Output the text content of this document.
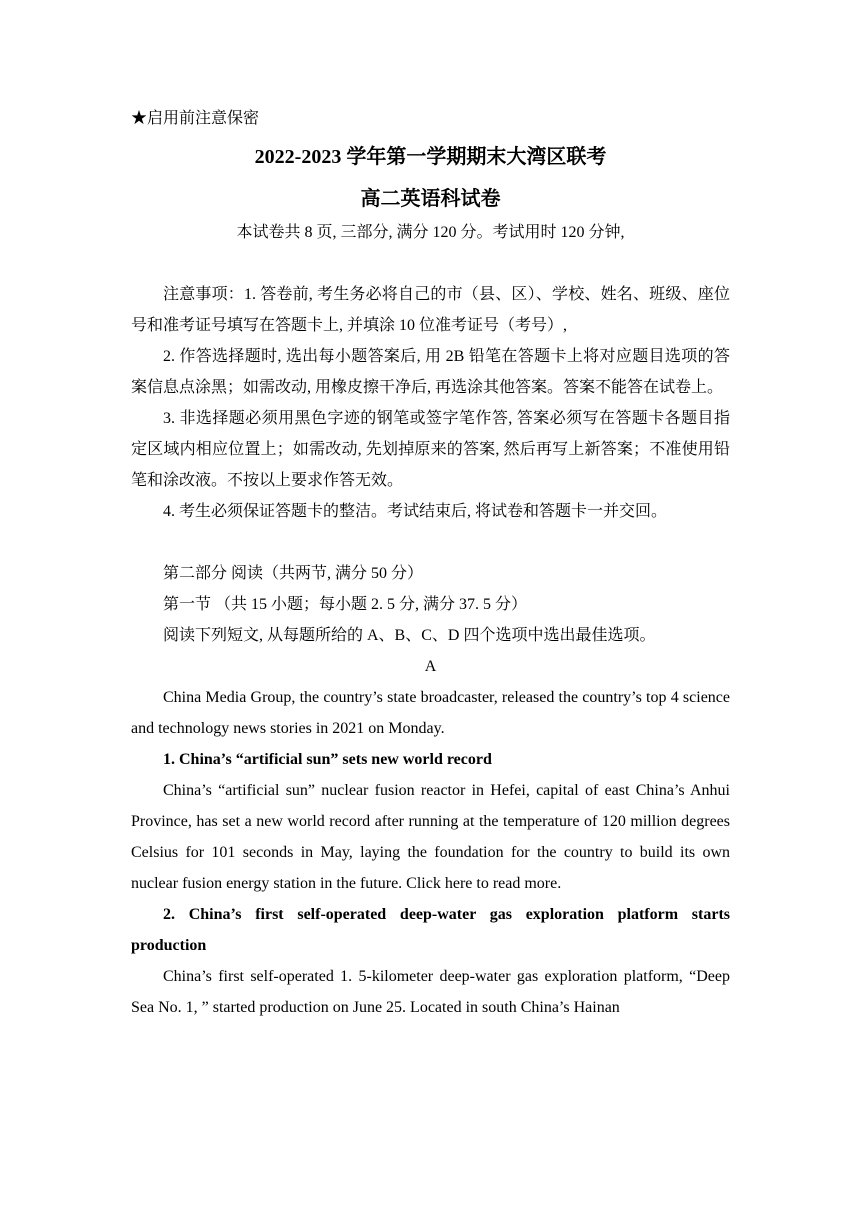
★启用前注意保密
2022-2023 学年第一学期期末大湾区联考
高二英语科试卷
本试卷共 8 页, 三部分, 满分 120 分。考试用时 120 分钟,

注意事项：1. 答卷前, 考生务必将自己的市（县、区）、学校、姓名、班级、座位号和准考证号填写在答题卡上, 并填涂 10 位准考证号（考号）,

2. 作答选择题时, 选出每小题答案后, 用 2B 铅笔在答题卡上将对应题目选项的答案信息点涂黑；如需改动, 用橡皮擦干净后, 再选涂其他答案。答案不能答在试卷上。

3. 非选择题必须用黑色字迹的钢笔或签字笔作答, 答案必须写在答题卡各题目指定区域内相应位置上；如需改动, 先划掉原来的答案, 然后再写上新答案；不准使用铅笔和涂改液。不按以上要求作答无效。

4. 考生必须保证答题卡的整洁。考试结束后, 将试卷和答题卡一并交回。

第二部分 阅读（共两节, 满分 50 分）

第一节 （共 15 小题；每小题 2. 5 分, 满分 37. 5 分）

阅读下列短文, 从每题所给的 A、B、C、D 四个选项中选出最佳选项。

A

China Media Group, the country’s state broadcaster, released the country’s top 4 science and technology news stories in 2021 on Monday.

1. China’s “artificial sun” sets new world record

China’s “artificial sun” nuclear fusion reactor in Hefei, capital of east China’s Anhui Province, has set a new world record after running at the temperature of 120 million degrees Celsius for 101 seconds in May, laying the foundation for the country to build its own nuclear fusion energy station in the future. Click here to read more.

2. China’s first self-operated deep-water gas exploration platform starts production

China’s first self-operated 1. 5-kilometer deep-water gas exploration platform, “Deep Sea No. 1, ” started production on June 25. Located in south China’s Hainan
